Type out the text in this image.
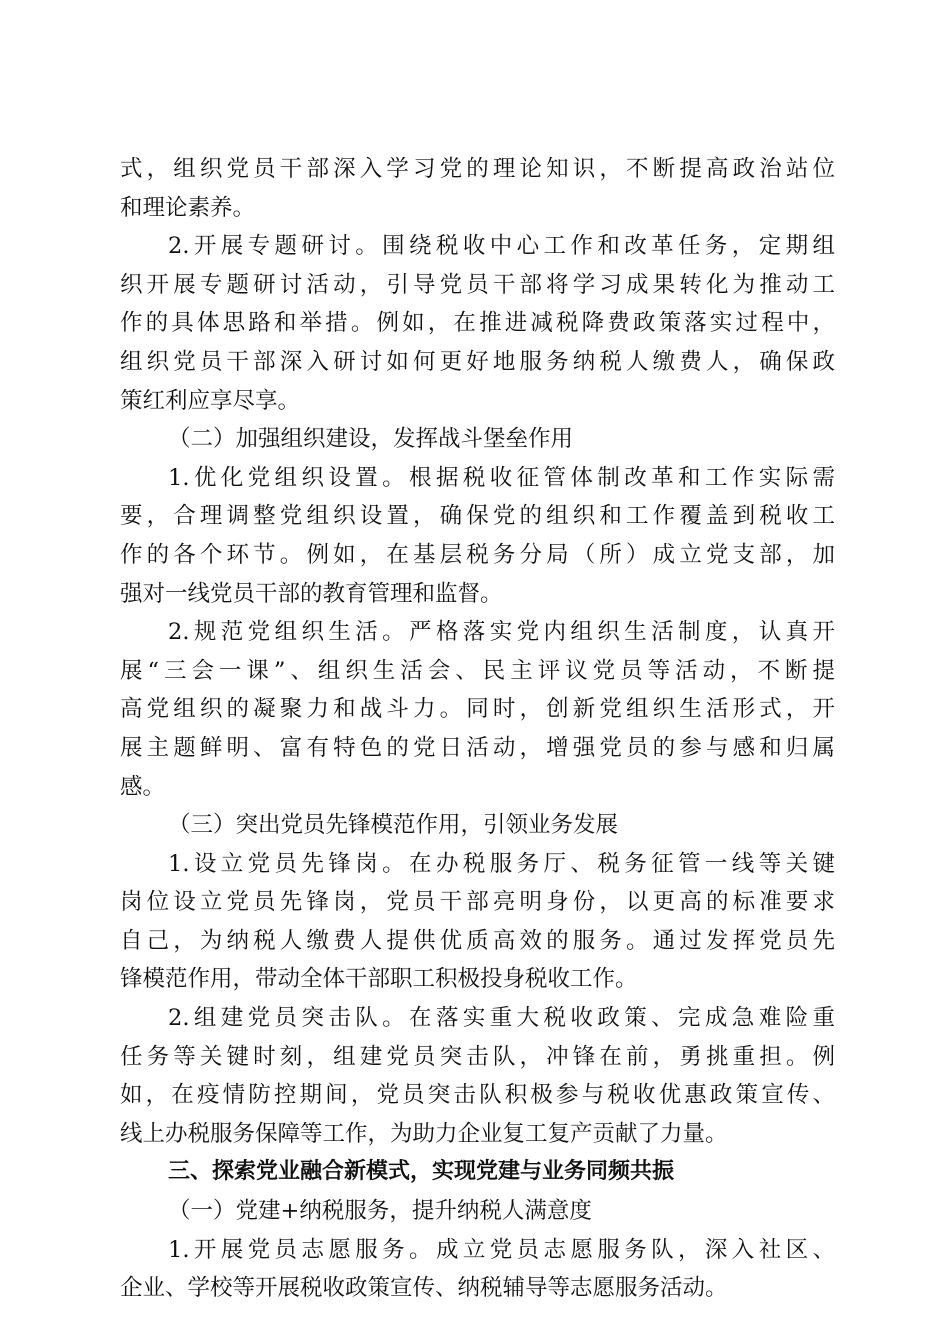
式，组织党员干部深入学习党的理论知识，不断提高政治站位
和理论素养。
2.开展专题研讨。围绕税收中心工作和改革任务，定期组
织开展专题研讨活动，引导党员干部将学习成果转化为推动工
作的具体思路和举措。例如，在推进减税降费政策落实过程中，
组织党员干部深入研讨如何更好地服务纳税人缴费人，确保政
策红利应享尽享。
（二）加强组织建设，发挥战斗堡垒作用
1.优化党组织设置。根据税收征管体制改革和工作实际需
要，合理调整党组织设置，确保党的组织和工作覆盖到税收工
作的各个环节。例如，在基层税务分局（所）成立党支部，加
强对一线党员干部的教育管理和监督。
2.规范党组织生活。严格落实党内组织生活制度，认真开
展“三会一课”、组织生活会、民主评议党员等活动，不断提
高党组织的凝聚力和战斗力。同时，创新党组织生活形式，开
展主题鲜明、富有特色的党日活动，增强党员的参与感和归属
感。
（三）突出党员先锋模范作用，引领业务发展
1.设立党员先锋岗。在办税服务厅、税务征管一线等关键
岗位设立党员先锋岗，党员干部亮明身份，以更高的标准要求
自己，为纳税人缴费人提供优质高效的服务。通过发挥党员先
锋模范作用，带动全体干部职工积极投身税收工作。
2.组建党员突击队。在落实重大税收政策、完成急难险重
任务等关键时刻，组建党员突击队，冲锋在前，勇挑重担。例
如，在疫情防控期间，党员突击队积极参与税收优惠政策宣传、
线上办税服务保障等工作，为助力企业复工复产贡献了力量。
三、探索党业融合新模式，实现党建与业务同频共振
（一）党建+纳税服务，提升纳税人满意度
1.开展党员志愿服务。成立党员志愿服务队，深入社区、
企业、学校等开展税收政策宣传、纳税辅导等志愿服务活动。
